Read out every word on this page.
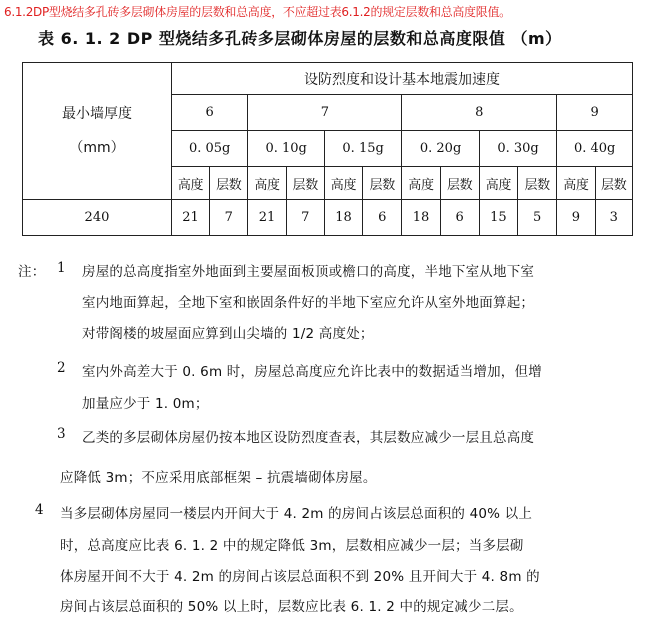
6.1.2DP型烧结多孔砖多层砌体房屋的层数和总高度，不应超过表6.1.2的规定层数和总高度限值。
表 6. 1. 2 DP 型烧结多孔砖多层砌体房屋的层数和总高度限值 （m）
最小墙厚度
（mm）	设防烈度和设计基本地震加速度											
	6		7				8				9	
	0. 05g		0. 10g		0. 15g		0. 20g		0. 30g		0. 40g	
	高度	层数	高度	层数	高度	层数	高度	层数	高度	层数	高度	层数
240	21	7	21	7	18	6	18	6	15	5	9	3
注： 1 房屋的总高度指室外地面到主要屋面板顶或檐口的高度，半地下室从地下室
室内地面算起，全地下室和嵌固条件好的半地下室应允许从室外地面算起；
对带阁楼的坡屋面应算到山尖墙的 1/2 高度处；
2 室内外高差大于 0. 6m 时，房屋总高度应允许比表中的数据适当增加，但增
加量应少于 1. 0m；
3 乙类的多层砌体房屋仍按本地区设防烈度查表，其层数应减少一层且总高度
应降低 3m；不应采用底部框架 – 抗震墙砌体房屋。
4 当多层砌体房屋同一楼层内开间大于 4. 2m 的房间占该层总面积的 40% 以上
时，总高度应比表 6. 1. 2 中的规定降低 3m，层数相应减少一层；当多层砌
体房屋开间不大于 4. 2m 的房间占该层总面积不到 20% 且开间大于 4. 8m 的
房间占该层总面积的 50% 以上时，层数应比表 6. 1. 2 中的规定减少二层。
